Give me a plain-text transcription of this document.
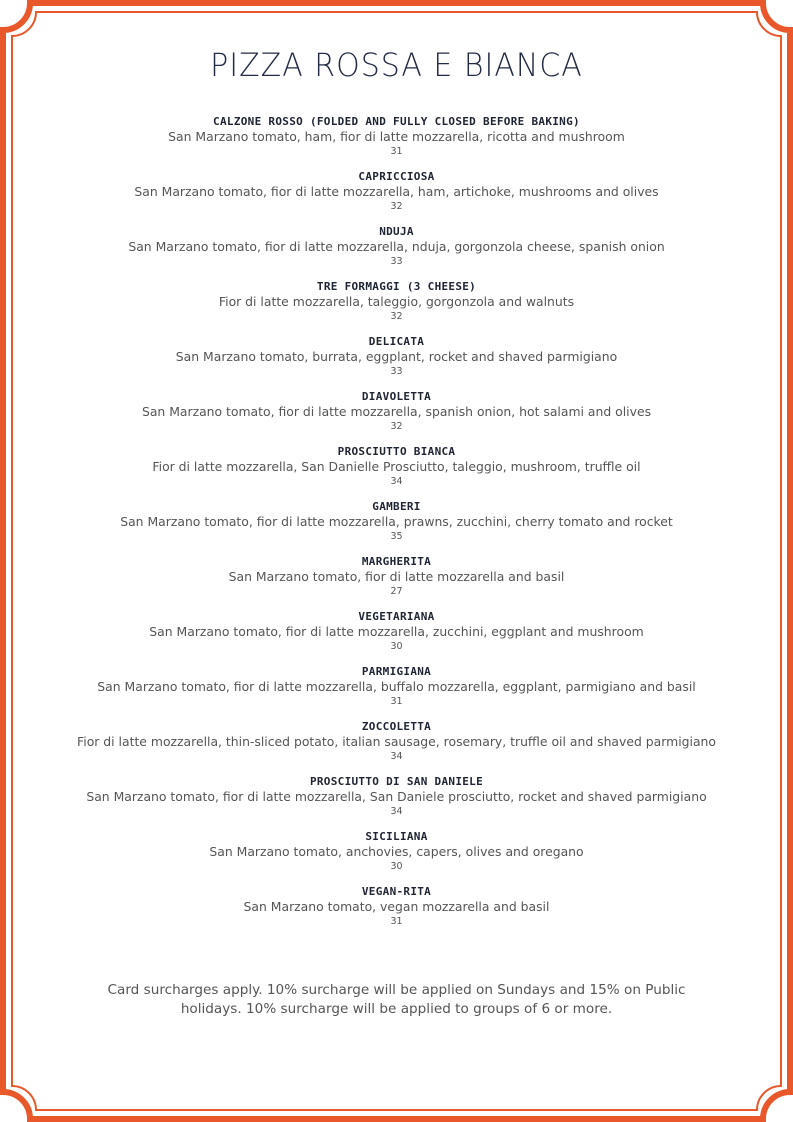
PIZZA ROSSA E BIANCA
CALZONE ROSSO (FOLDED AND FULLY CLOSED BEFORE BAKING)
San Marzano tomato, ham, fior di latte mozzarella, ricotta and mushroom
31
CAPRICCIOSA
San Marzano tomato, fior di latte mozzarella, ham, artichoke, mushrooms and olives
32
NDUJA
San Marzano tomato, fior di latte mozzarella, nduja, gorgonzola cheese, spanish onion
33
TRE FORMAGGI (3 CHEESE)
Fior di latte mozzarella, taleggio, gorgonzola and walnuts
32
DELICATA
San Marzano tomato, burrata, eggplant, rocket and shaved parmigiano
33
DIAVOLETTA
San Marzano tomato, fior di latte mozzarella, spanish onion, hot salami and olives
32
PROSCIUTTO BIANCA
Fior di latte mozzarella, San Danielle Prosciutto, taleggio, mushroom, truffle oil
34
GAMBERI
San Marzano tomato, fior di latte mozzarella, prawns, zucchini, cherry tomato and rocket
35
MARGHERITA
San Marzano tomato, fior di latte mozzarella and basil
27
VEGETARIANA
San Marzano tomato, fior di latte mozzarella, zucchini, eggplant and mushroom
30
PARMIGIANA
San Marzano tomato, fior di latte mozzarella, buffalo mozzarella, eggplant, parmigiano and basil
31
ZOCCOLETTA
Fior di latte mozzarella, thin-sliced potato, italian sausage, rosemary, truffle oil and shaved parmigiano
34
PROSCIUTTO DI SAN DANIELE
San Marzano tomato, fior di latte mozzarella, San Daniele prosciutto, rocket and shaved parmigiano
34
SICILIANA
San Marzano tomato, anchovies, capers, olives and oregano
30
VEGAN-RITA
San Marzano tomato, vegan mozzarella and basil
31
Card surcharges apply. 10% surcharge will be applied on Sundays and 15% on Public
holidays. 10% surcharge will be applied to groups of 6 or more.
